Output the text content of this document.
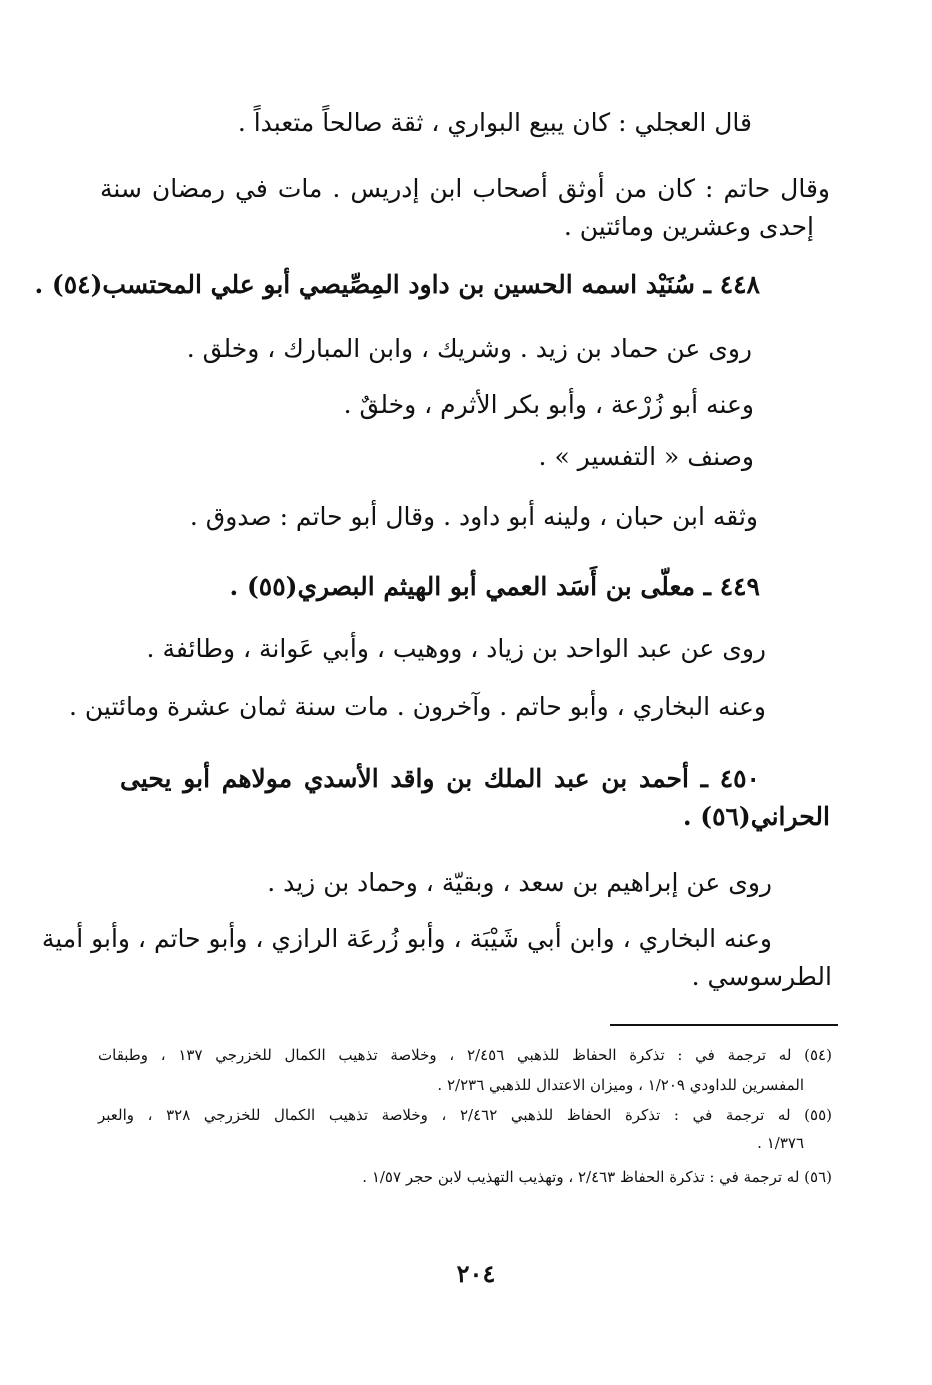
قال العجلي : كان يبيع البواري ، ثقة صالحاً متعبداً .
وقال حاتم : كان من أوثق أصحاب ابن إدريس . مات في رمضان سنة
إحدى وعشرين ومائتين .
٤٤٨ ـ سُنَيْد اسمه الحسين بن داود المِصِّيصي أبو علي المحتسب(٥٤) .
روى عن حماد بن زيد . وشريك ، وابن المبارك ، وخلق .
وعنه أبو زُرْعة ، وأبو بكر الأثرم ، وخلقٌ .
وصنف « التفسير » .
وثقه ابن حبان ، ولينه أبو داود . وقال أبو حاتم : صدوق .
٤٤٩ ـ معلّى بن أَسَد العمي أبو الهيثم البصري(٥٥) .
روى عن عبد الواحد بن زياد ، ووهيب ، وأبي عَوانة ، وطائفة .
وعنه البخاري ، وأبو حاتم . وآخرون . مات سنة ثمان عشرة ومائتين .
٤٥٠ ـ أحمد بن عبد الملك بن واقد الأسدي مولاهم أبو يحيى
الحراني(٥٦) .
روى عن إبراهيم بن سعد ، وبقيّة ، وحماد بن زيد .
وعنه البخاري ، وابن أبي شَيْبَة ، وأبو زُرعَة الرازي ، وأبو حاتم ، وأبو أمية
الطرسوسي .
(٥٤) له ترجمة في : تذكرة الحفاظ للذهبي ٢/٤٥٦ ، وخلاصة تذهيب الكمال للخزرجي ١٣٧ ، وطبقات
المفسرين للداودي ١/٢٠٩ ، وميزان الاعتدال للذهبي ٢/٢٣٦ .
(٥٥) له ترجمة في : تذكرة الحفاظ للذهبي ٢/٤٦٢ ، وخلاصة تذهيب الكمال للخزرجي ٣٢٨ ، والعبر
١/٣٧٦ .
(٥٦) له ترجمة في : تذكرة الحفاظ ٢/٤٦٣ ، وتهذيب التهذيب لابن حجر ١/٥٧ .
٢٠٤
